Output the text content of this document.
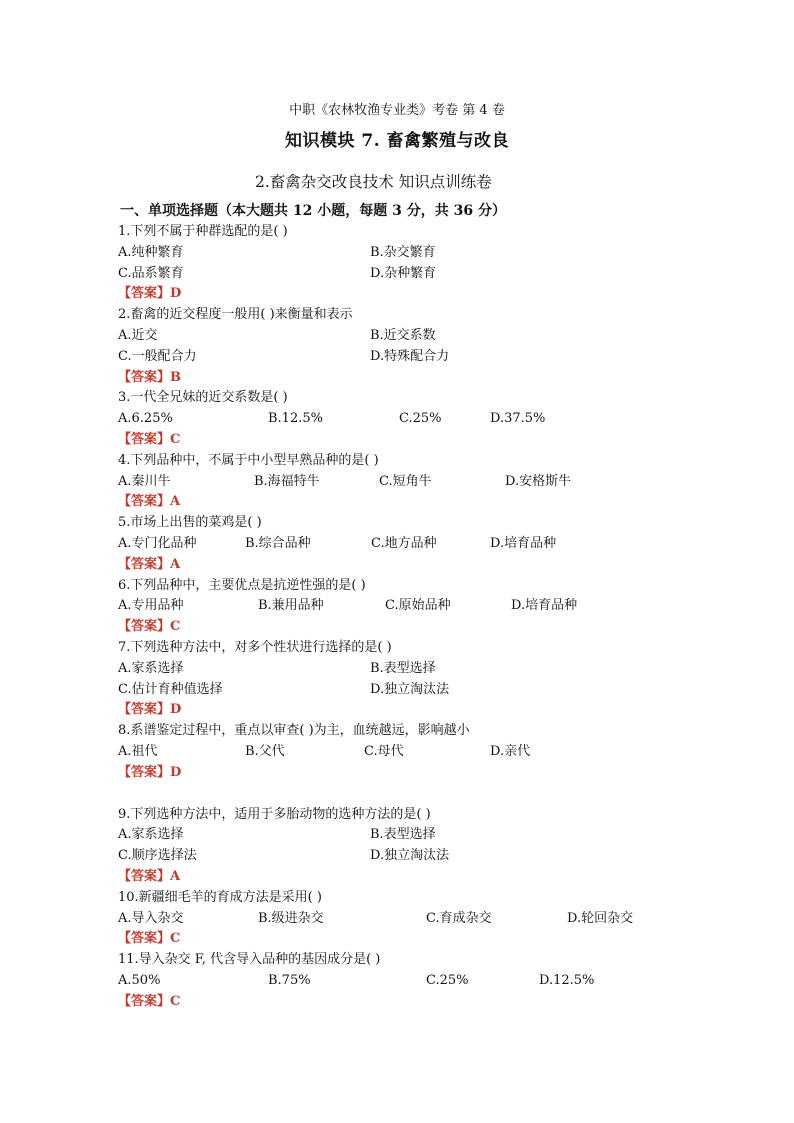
中职《农林牧渔专业类》考卷 第 4 卷
知识模块 7. 畜禽繁殖与改良
2.畜禽杂交改良技术 知识点训练卷
一、单项选择题（本大题共 12 小题，每题 3 分，共 36 分）
1.下列不属于种群选配的是( )
A.纯种繁育	B.杂交繁育
C.品系繁育	D.杂种繁育
【答案】D
2.畜禽的近交程度一般用( )来衡量和表示
A.近交	B.近交系数
C.一般配合力	D.特殊配合力
【答案】B
3.一代全兄妹的近交系数是( )
A.6.25%	B.12.5%	C.25%	D.37.5%
【答案】C
4.下列品种中，不属于中小型早熟品种的是( )
A.秦川牛	B.海福特牛	C.短角牛	D.安格斯牛
【答案】A
5.市场上出售的菜鸡是( )
A.专门化品种	B.综合品种	C.地方品种	D.培育品种
【答案】A
6.下列品种中，主要优点是抗逆性强的是( )
A.专用品种	B.兼用品种	C.原始品种	D.培育品种
【答案】C
7.下列选种方法中，对多个性状进行选择的是( )
A.家系选择	B.表型选择
C.估计育种值选择	D.独立淘汰法
【答案】D
8.系谱鉴定过程中，重点以审查( )为主，血统越远，影响越小
A.祖代	B.父代	C.母代	D.亲代
【答案】D
9.下列选种方法中，适用于多胎动物的选种方法的是( )
A.家系选择	B.表型选择
C.顺序选择法	D.独立淘汰法
【答案】A
10.新疆细毛羊的育成方法是采用( )
A.导入杂交	B.级进杂交	C.育成杂交	D.轮回杂交
【答案】C
11.导入杂交 F, 代含导入品种的基因成分是( )
A.50%	B.75%	C.25%	D.12.5%
【答案】C
